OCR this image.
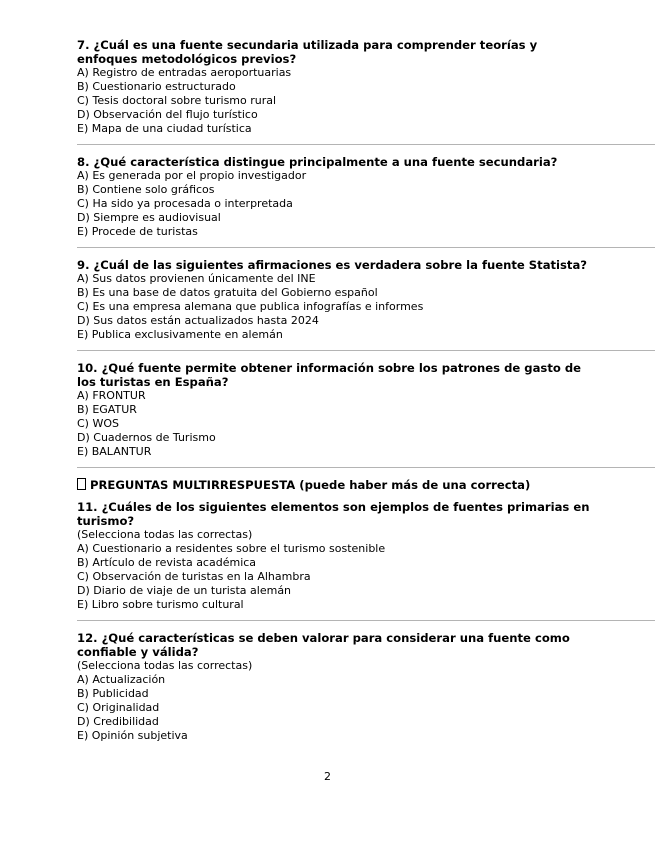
7. ¿Cuál es una fuente secundaria utilizada para comprender teorías y enfoques metodológicos previos?

A) Registro de entradas aeroportuarias

B) Cuestionario estructurado

C) Tesis doctoral sobre turismo rural

D) Observación del flujo turístico

E) Mapa de una ciudad turística

8. ¿Qué característica distingue principalmente a una fuente secundaria?

A) Es generada por el propio investigador

B) Contiene solo gráficos

C) Ha sido ya procesada o interpretada

D) Siempre es audiovisual

E) Procede de turistas

9. ¿Cuál de las siguientes afirmaciones es verdadera sobre la fuente Statista?

A) Sus datos provienen únicamente del INE

B) Es una base de datos gratuita del Gobierno español

C) Es una empresa alemana que publica infografías e informes

D) Sus datos están actualizados hasta 2024

E) Publica exclusivamente en alemán

10. ¿Qué fuente permite obtener información sobre los patrones de gasto de los turistas en España?

A) FRONTUR

B) EGATUR

C) WOS

D) Cuadernos de Turismo

E) BALANTUR

PREGUNTAS MULTIRRESPUESTA (puede haber más de una correcta)

11. ¿Cuáles de los siguientes elementos son ejemplos de fuentes primarias en turismo?

(Selecciona todas las correctas)

A) Cuestionario a residentes sobre el turismo sostenible

B) Artículo de revista académica

C) Observación de turistas en la Alhambra

D) Diario de viaje de un turista alemán

E) Libro sobre turismo cultural

12. ¿Qué características se deben valorar para considerar una fuente como confiable y válida?

(Selecciona todas las correctas)

A) Actualización

B) Publicidad

C) Originalidad

D) Credibilidad

E) Opinión subjetiva

2
